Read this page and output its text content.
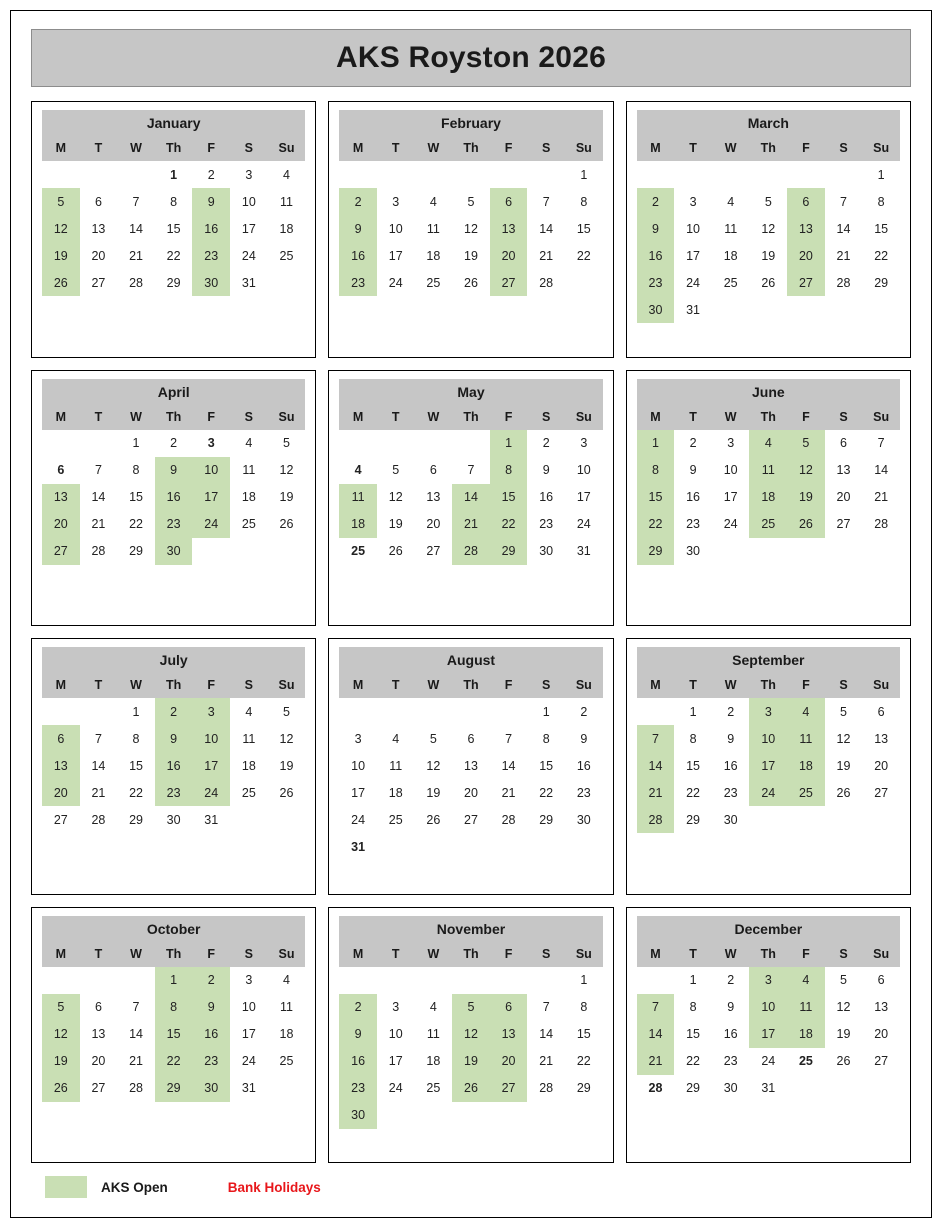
AKS Royston 2026
January
M	T	W	Th	F	S	Su
			1	2	3	4
5	6	7	8	9	10	11
12	13	14	15	16	17	18
19	20	21	22	23	24	25
26	27	28	29	30	31	
February
M	T	W	Th	F	S	Su
						1
2	3	4	5	6	7	8
9	10	11	12	13	14	15
16	17	18	19	20	21	22
23	24	25	26	27	28	
March
M	T	W	Th	F	S	Su
						1
2	3	4	5	6	7	8
9	10	11	12	13	14	15
16	17	18	19	20	21	22
23	24	25	26	27	28	29
30	31					
April
M	T	W	Th	F	S	Su
		1	2	3	4	5
6	7	8	9	10	11	12
13	14	15	16	17	18	19
20	21	22	23	24	25	26
27	28	29	30			
May
M	T	W	Th	F	S	Su
				1	2	3
4	5	6	7	8	9	10
11	12	13	14	15	16	17
18	19	20	21	22	23	24
25	26	27	28	29	30	31
June
M	T	W	Th	F	S	Su
1	2	3	4	5	6	7
8	9	10	11	12	13	14
15	16	17	18	19	20	21
22	23	24	25	26	27	28
29	30					
July
M	T	W	Th	F	S	Su
		1	2	3	4	5
6	7	8	9	10	11	12
13	14	15	16	17	18	19
20	21	22	23	24	25	26
27	28	29	30	31		
August
M	T	W	Th	F	S	Su
					1	2
3	4	5	6	7	8	9
10	11	12	13	14	15	16
17	18	19	20	21	22	23
24	25	26	27	28	29	30
31						
September
M	T	W	Th	F	S	Su
	1	2	3	4	5	6
7	8	9	10	11	12	13
14	15	16	17	18	19	20
21	22	23	24	25	26	27
28	29	30				
October
M	T	W	Th	F	S	Su
			1	2	3	4
5	6	7	8	9	10	11
12	13	14	15	16	17	18
19	20	21	22	23	24	25
26	27	28	29	30	31	
November
M	T	W	Th	F	S	Su
						1
2	3	4	5	6	7	8
9	10	11	12	13	14	15
16	17	18	19	20	21	22
23	24	25	26	27	28	29
30						
December
M	T	W	Th	F	S	Su
	1	2	3	4	5	6
7	8	9	10	11	12	13
14	15	16	17	18	19	20
21	22	23	24	25	26	27
28	29	30	31			
AKS Open	Bank Holidays
